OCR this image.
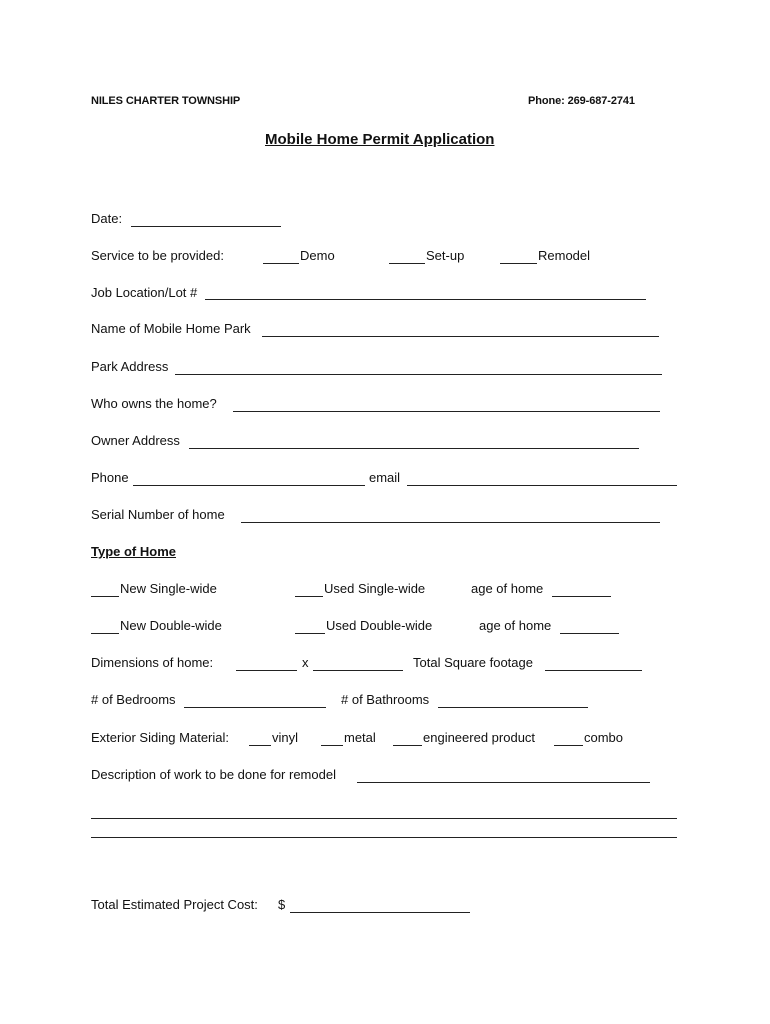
NILES CHARTER TOWNSHIP	Phone: 269-687-2741
Mobile Home Permit Application
Date:
Service to be provided:	Demo	Set-up	Remodel
Job Location/Lot #
Name of Mobile Home Park
Park Address
Who owns the home?
Owner Address
Phone	email
Serial Number of home
Type of Home
New Single-wide	Used Single-wide	age of home
New Double-wide	Used Double-wide	age of home
Dimensions of home:	x	Total Square footage
# of Bedrooms	# of Bathrooms
Exterior Siding Material:	vinyl	metal	engineered product	combo
Description of work to be done for remodel
Total Estimated Project Cost: $
